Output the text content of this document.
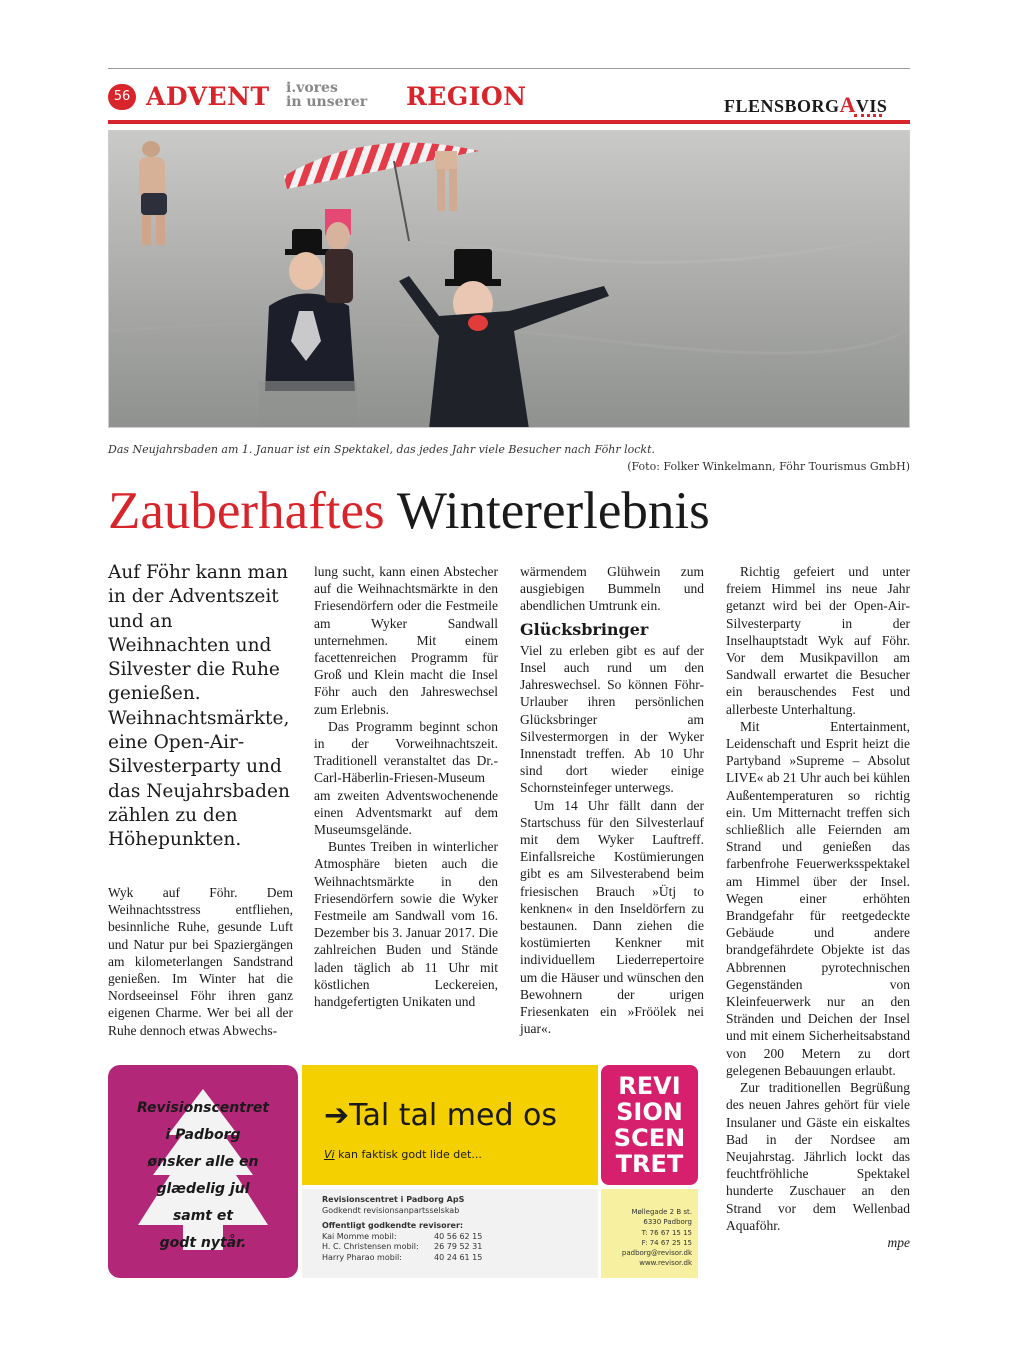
56 ADVENT i.vores
in unserer REGION	FLENSBORGAVIS
Das Neujahrsbaden am 1. Januar ist ein Spektakel, das jedes Jahr viele Besucher nach Föhr lockt.
(Foto: Folker Winkelmann, Föhr Tourismus GmbH)
Zauberhaftes Wintererlebnis
Auf Föhr kann man in der Adventszeit und an Weihnachten und Silvester die Ruhe genießen. Weihnachtsmärkte, eine Open-Air-Silvesterparty und das Neujahrsbaden zählen zu den Höhepunkten.

Wyk auf Föhr. Dem Weihnachtsstress entfliehen, besinnliche Ruhe, gesunde Luft und Natur pur bei Spaziergängen am kilometerlangen Sandstrand genießen. Im Winter hat die Nordseeinsel Föhr ihren ganz eigenen Charme. Wer bei all der Ruhe dennoch etwas Abwechs-

lung sucht, kann einen Abstecher auf die Weihnachtsmärkte in den Friesendörfern oder die Festmeile am Wyker Sandwall unternehmen. Mit einem facettenreichen Programm für Groß und Klein macht die Insel Föhr auch den Jahreswechsel zum Erlebnis.

Das Programm beginnt schon in der Vorweihnachtszeit. Traditionell veranstaltet das Dr.-Carl-Häberlin-Friesen-Museum am zweiten Adventswochenende einen Adventsmarkt auf dem Museumsgelände.

Buntes Treiben in winterlicher Atmosphäre bieten auch die Weihnachtsmärkte in den Friesendörfern sowie die Wyker Festmeile am Sandwall vom 16. Dezember bis 3. Januar 2017. Die zahlreichen Buden und Stände laden täglich ab 11 Uhr mit köstlichen Leckereien, handgefertigten Unikaten und

wärmendem Glühwein zum ausgiebigen Bummeln und abendlichen Umtrunk ein.

Glücksbringer

Viel zu erleben gibt es auf der Insel auch rund um den Jahreswechsel. So können Föhr-Urlauber ihren persönlichen Glücksbringer am Silvestermorgen in der Wyker Innenstadt treffen. Ab 10 Uhr sind dort wieder einige Schornsteinfeger unterwegs.

Um 14 Uhr fällt dann der Startschuss für den Silvesterlauf mit dem Wyker Lauftreff. Einfallsreiche Kostümierungen gibt es am Silvesterabend beim friesischen Brauch »Ütj to kenknen« in den Inseldörfern zu bestaunen. Dann ziehen die kostümierten Kenkner mit individuellem Liederrepertoire um die Häuser und wünschen den Bewohnern der urigen Friesenkaten ein »Fröölek nei juar«.

Richtig gefeiert und unter freiem Himmel ins neue Jahr getanzt wird bei der Open-Air-Silvesterparty in der Inselhauptstadt Wyk auf Föhr. Vor dem Musikpavillon am Sandwall erwartet die Besucher ein berauschendes Fest und allerbeste Unterhaltung.

Mit Entertainment, Leidenschaft und Esprit heizt die Partyband »Supreme – Absolut LIVE« ab 21 Uhr auch bei kühlen Außentemperaturen so richtig ein. Um Mitternacht treffen sich schließlich alle Feiernden am Strand und genießen das farbenfrohe Feuerwerksspektakel am Himmel über der Insel. Wegen einer erhöhten Brandgefahr für reetgedeckte Gebäude und andere brandgefährdete Objekte ist das Abbrennen pyrotechnischen Gegenständen von Kleinfeuerwerk nur an den Stränden und Deichen der Insel und mit einem Sicherheitsabstand von 200 Metern zu dort gelegenen Bebauungen erlaubt.

Zur traditionellen Begrüßung des neuen Jahres gehört für viele Insulaner und Gäste ein eiskaltes Bad in der Nordsee am Neujahrstag. Jährlich lockt das feuchtfröhliche Spektakel hunderte Zuschauer an den Strand vor dem Wellenbad Aquaföhr.

mpe
Revisionscentret
i Padborg
ønsker alle en
glædelig jul
samt et
godt nytår.
➔Tal tal med os
Vi kan faktisk godt lide det...
REVI
SION
SCEN
TRET
Revisionscentret i Padborg ApS
Godkendt revisionsanpartsselskab
Offentligt godkendte revisorer:
Kai Momme mobil:	40 56 62 15
H. C. Christensen mobil:	26 79 52 31
Harry Pharao mobil:	40 24 61 15
Møllegade 2 B st.
6330 Padborg
T: 76 67 15 15
F: 74 67 25 15
padborg@revisor.dk
www.revisor.dk
